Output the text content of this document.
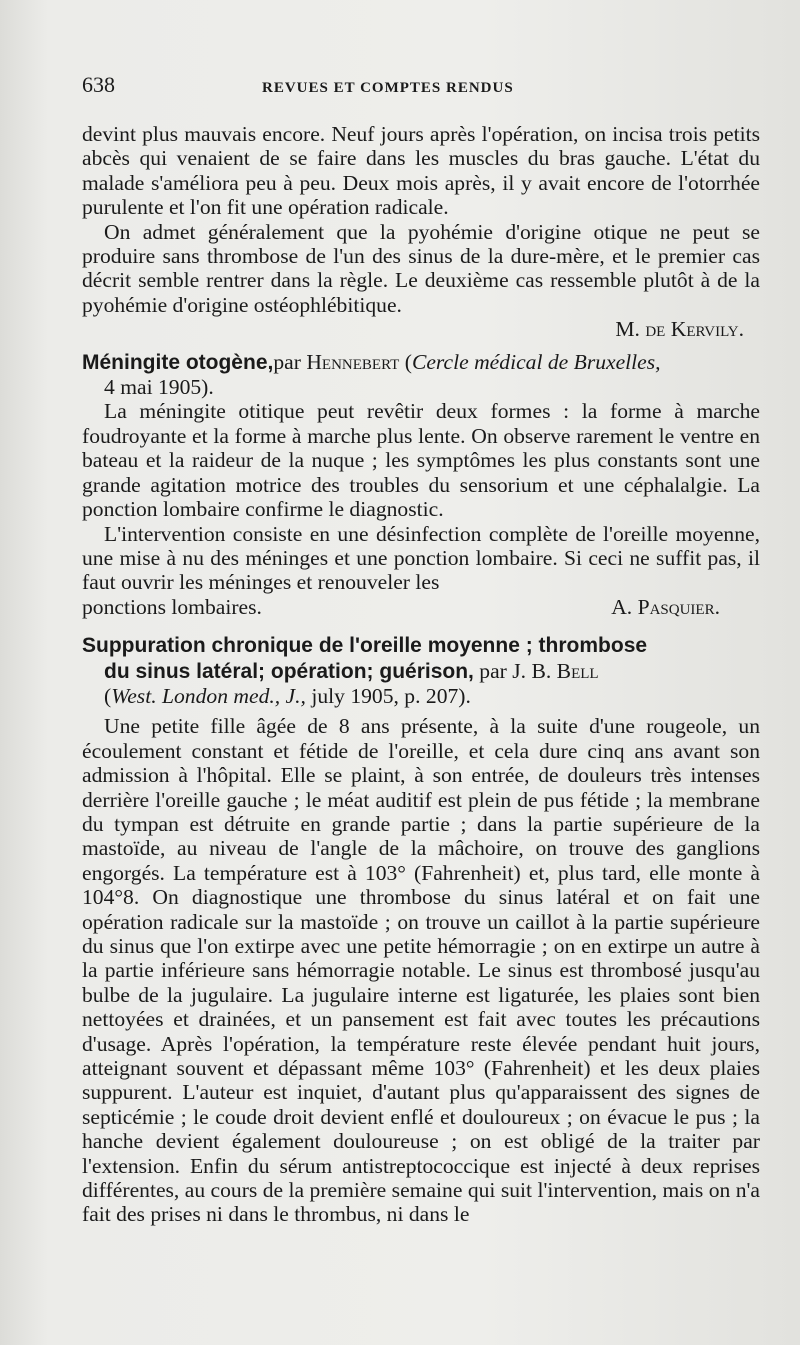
638	REVUES ET COMPTES RENDUS

devint plus mauvais encore. Neuf jours après l'opération, on incisa trois petits abcès qui venaient de se faire dans les muscles du bras gauche. L'état du malade s'améliora peu à peu. Deux mois après, il y avait encore de l'otorrhée purulente et l'on fit une opération radicale.

On admet généralement que la pyohémie d'origine otique ne peut se produire sans thrombose de l'un des sinus de la dure-mère, et le premier cas décrit semble rentrer dans la règle. Le deuxième cas ressemble plutôt à de la pyohémie d'origine ostéophlébitique.

M. de Kervily.

Méningite otogène,par Hennebert (Cercle médical de Bruxelles,
4 mai 1905).

La méningite otitique peut revêtir deux formes : la forme à marche foudroyante et la forme à marche plus lente. On observe rarement le ventre en bateau et la raideur de la nuque ; les symptômes les plus constants sont une grande agitation motrice des troubles du sensorium et une céphalalgie. La ponction lombaire confirme le diagnostic.

L'intervention consiste en une désinfection complète de l'oreille moyenne, une mise à nu des méninges et une ponction lombaire. Si ceci ne suffit pas, il faut ouvrir les méninges et renouveler les

ponctions lombaires.	A. Pasquier.

Suppuration chronique de l'oreille moyenne ; thrombose
du sinus latéral; opération; guérison, par J. B. Bell
(West. London med., J., july 1905, p. 207).

Une petite fille âgée de 8 ans présente, à la suite d'une rougeole, un écoulement constant et fétide de l'oreille, et cela dure cinq ans avant son admission à l'hôpital. Elle se plaint, à son entrée, de douleurs très intenses derrière l'oreille gauche ; le méat auditif est plein de pus fétide ; la membrane du tympan est détruite en grande partie ; dans la partie supérieure de la mastoïde, au niveau de l'angle de la mâchoire, on trouve des ganglions engorgés. La température est à 103° (Fahrenheit) et, plus tard, elle monte à 104°8. On diagnostique une thrombose du sinus latéral et on fait une opération radicale sur la mastoïde ; on trouve un caillot à la partie supérieure du sinus que l'on extirpe avec une petite hémorragie ; on en extirpe un autre à la partie inférieure sans hémorragie notable. Le sinus est thrombosé jusqu'au bulbe de la jugulaire. La jugulaire interne est ligaturée, les plaies sont bien nettoyées et drainées, et un pansement est fait avec toutes les précautions d'usage. Après l'opération, la température reste élevée pendant huit jours, atteignant souvent et dépassant même 103° (Fahrenheit) et les deux plaies suppurent. L'auteur est inquiet, d'autant plus qu'apparaissent des signes de septicémie ; le coude droit devient enflé et douloureux ; on évacue le pus ; la hanche devient également douloureuse ; on est obligé de la traiter par l'extension. Enfin du sérum antistreptococcique est injecté à deux reprises différentes, au cours de la première semaine qui suit l'intervention, mais on n'a fait des prises ni dans le thrombus, ni dans le
